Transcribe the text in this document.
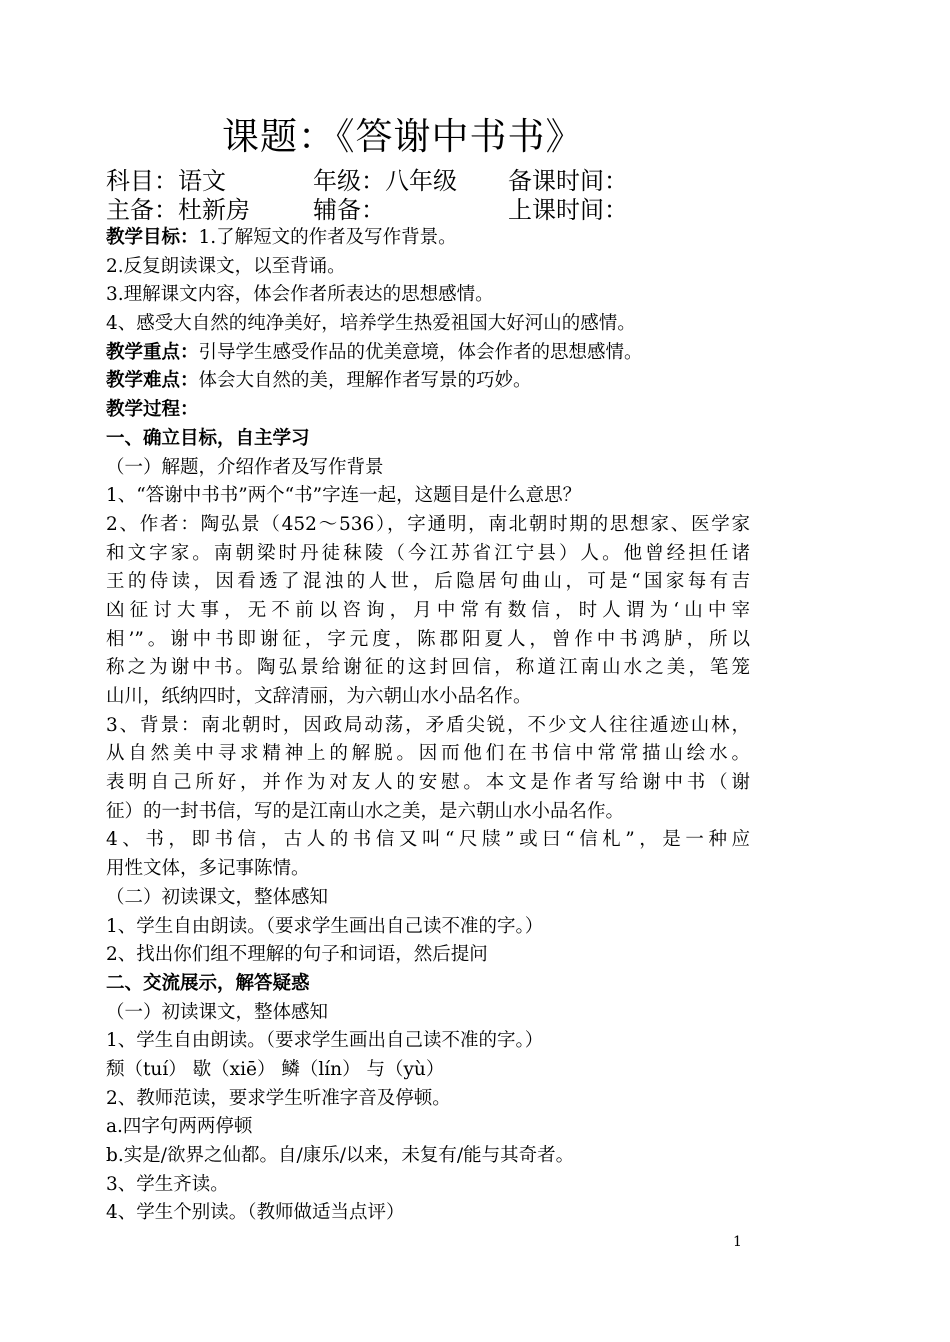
课题：《答谢中书书》
科目：语文	年级：八年级 备课时间：
主备：杜新房	辅备：	上课时间：
教学目标：1.了解短文的作者及写作背景。
2.反复朗读课文，以至背诵。
3.理解课文内容，体会作者所表达的思想感情。
4、感受大自然的纯净美好，培养学生热爱祖国大好河山的感情。
教学重点：引导学生感受作品的优美意境，体会作者的思想感情。
教学难点：体会大自然的美，理解作者写景的巧妙。
教学过程：
一、确立目标，自主学习
（一）解题，介绍作者及写作背景
1、“答谢中书书”两个“书”字连一起，这题目是什么意思？
2、作者：陶弘景（452～536），字通明，南北朝时期的思想家、医学家
和文字家。南朝梁时丹徒秣陵（今江苏省江宁县）人。他曾经担任诸
王的侍读，因看透了混浊的人世，后隐居句曲山，可是“国家每有吉
凶征讨大事，无不前以咨询，月中常有数信，时人谓为‘山中宰
相’”。谢中书即谢征，字元度，陈郡阳夏人，曾作中书鸿胪，所以
称之为谢中书。陶弘景给谢征的这封回信，称道江南山水之美，笔笼
山川，纸纳四时，文辞清丽，为六朝山水小品名作。
3、背景：南北朝时，因政局动荡，矛盾尖锐，不少文人往往遁迹山林，
从自然美中寻求精神上的解脱。因而他们在书信中常常描山绘水。
表明自己所好，并作为对友人的安慰。本文是作者写给谢中书（谢
征）的一封书信，写的是江南山水之美，是六朝山水小品名作。
4、书，即书信，古人的书信又叫“尺牍”或曰“信札”，是一种应
用性文体，多记事陈情。
（二）初读课文，整体感知
1、学生自由朗读。（要求学生画出自己读不准的字。）
2、找出你们组不理解的句子和词语，然后提问
二、交流展示，解答疑惑
（一）初读课文，整体感知
1、学生自由朗读。（要求学生画出自己读不准的字。）
颓（tuí） 歇（xiē） 鳞（lín） 与（yù）
2、教师范读，要求学生听准字音及停顿。
a.四字句两两停顿
b.实是/欲界之仙都。自/康乐/以来，未复有/能与其奇者。
3、学生齐读。
4、学生个别读。（教师做适当点评）
1
